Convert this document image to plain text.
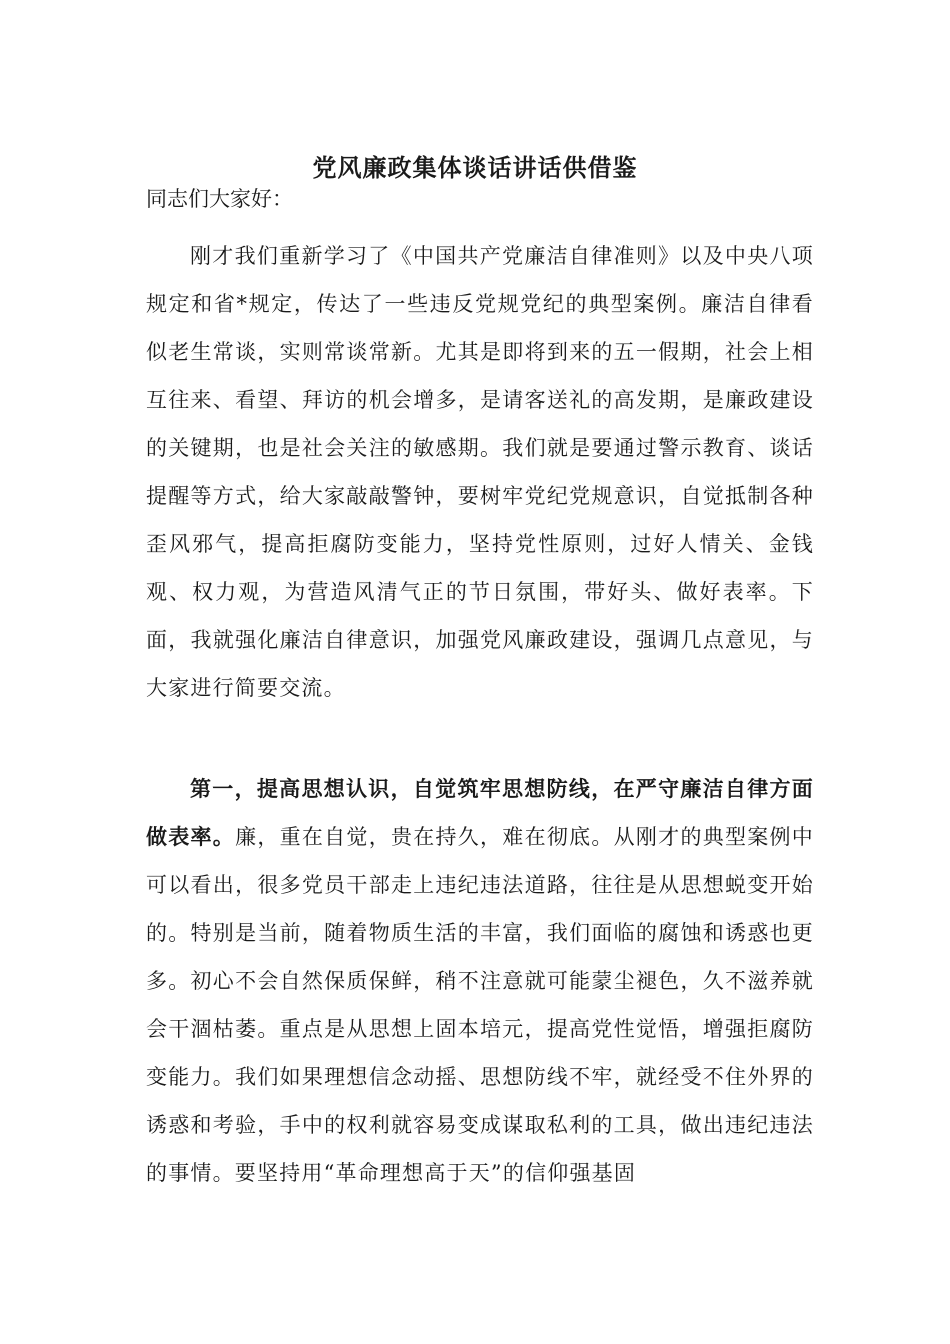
党风廉政集体谈话讲话供借鉴
同志们大家好：
刚才我们重新学习了《中国共产党廉洁自律准则》以及中央八项规定和省*规定，传达了一些违反党规党纪的典型案例。廉洁自律看似老生常谈，实则常谈常新。尤其是即将到来的五一假期，社会上相互往来、看望、拜访的机会增多，是请客送礼的高发期，是廉政建设的关键期，也是社会关注的敏感期。我们就是要通过警示教育、谈话提醒等方式，给大家敲敲警钟，要树牢党纪党规意识，自觉抵制各种歪风邪气，提高拒腐防变能力，坚持党性原则，过好人情关、金钱观、权力观，为营造风清气正的节日氛围，带好头、做好表率。下面，我就强化廉洁自律意识，加强党风廉政建设，强调几点意见，与大家进行简要交流。
第一，提高思想认识，自觉筑牢思想防线，在严守廉洁自律方面做表率。廉，重在自觉，贵在持久，难在彻底。从刚才的典型案例中可以看出，很多党员干部走上违纪违法道路，往往是从思想蜕变开始的。特别是当前，随着物质生活的丰富，我们面临的腐蚀和诱惑也更多。初心不会自然保质保鲜，稍不注意就可能蒙尘褪色，久不滋养就会干涸枯萎。重点是从思想上固本培元，提高党性觉悟，增强拒腐防变能力。我们如果理想信念动摇、思想防线不牢，就经受不住外界的诱惑和考验，手中的权利就容易变成谋取私利的工具，做出违纪违法的事情。要坚持用“革命理想高于天”的信仰强基固
